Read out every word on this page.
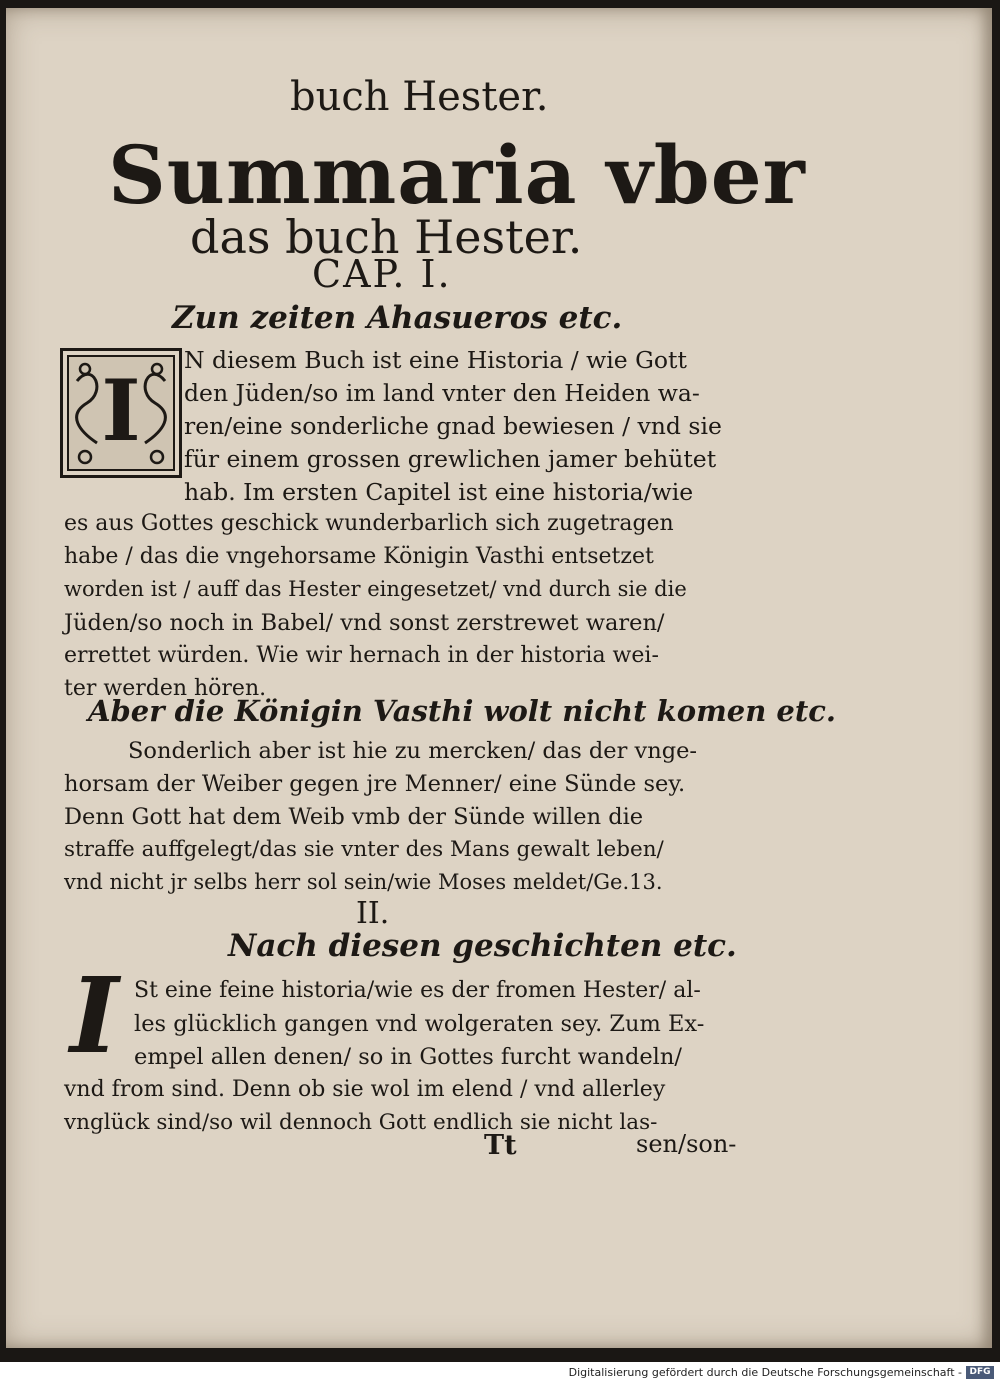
buch Hester.
Summaria vber
das buch Hester.
CAP. I.
Zun zeiten Ahasueros etc.
I
N diesem Buch ist eine Historia / wie Gott
den Jüden/so im land vnter den Heiden wa-
ren/eine sonderliche gnad bewiesen / vnd sie
für einem grossen grewlichen jamer behütet
hab. Im ersten Capitel ist eine historia/wie
es aus Gottes geschick wunderbarlich sich zugetragen
habe / das die vngehorsame Königin Vasthi entsetzet
worden ist / auff das Hester eingesetzet/ vnd durch sie die
Jüden/so noch in Babel/ vnd sonst zerstrewet waren/
errettet würden. Wie wir hernach in der historia wei-
ter werden hören.
Aber die Königin Vasthi wolt nicht komen etc.
Sonderlich aber ist hie zu mercken/ das der vnge-
horsam der Weiber gegen jre Menner/ eine Sünde sey.
Denn Gott hat dem Weib vmb der Sünde willen die
straffe auffgelegt/das sie vnter des Mans gewalt leben/
vnd nicht jr selbs herr sol sein/wie Moses meldet/Ge.13.
II.
Nach diesen geschichten etc.
I St eine feine historia/wie es der fromen Hester/ al-
les glücklich gangen vnd wolgeraten sey. Zum Ex-
empel allen denen/ so in Gottes furcht wandeln/
vnd from sind. Denn ob sie wol im elend / vnd allerley
vnglück sind/so wil dennoch Gott endlich sie nicht las-
Tt	sen/son-
Digitalisierung gefördert durch die Deutsche Forschungsgemeinschaft - DFG
